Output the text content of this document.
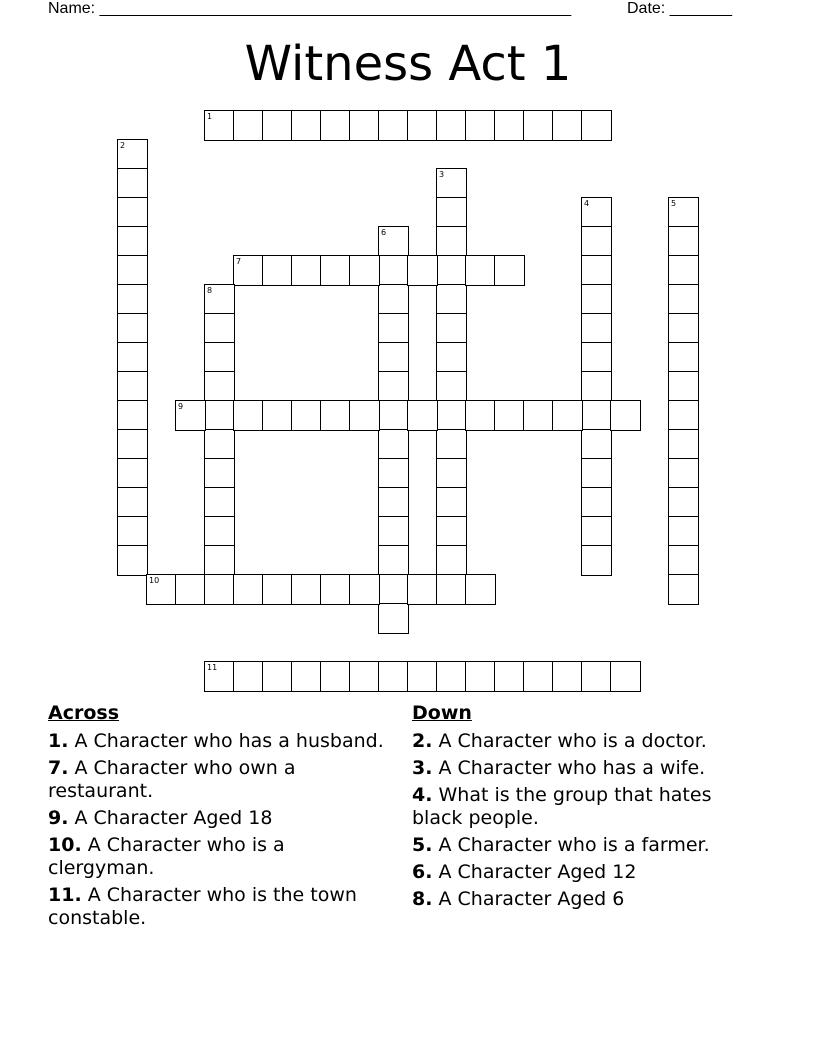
Name: _____________________________________________________	Date: _______
Witness Act 1
1
2
3
4	5
6
7
8
9
10
11
Across
1. A Character who has a husband.
7. A Character who own a restaurant.
9. A Character Aged 18
10. A Character who is a clergyman.
11. A Character who is the town constable.
Down
2. A Character who is a doctor.
3. A Character who has a wife.
4. What is the group that hates black people.
5. A Character who is a farmer.
6. A Character Aged 12
8. A Character Aged 6
